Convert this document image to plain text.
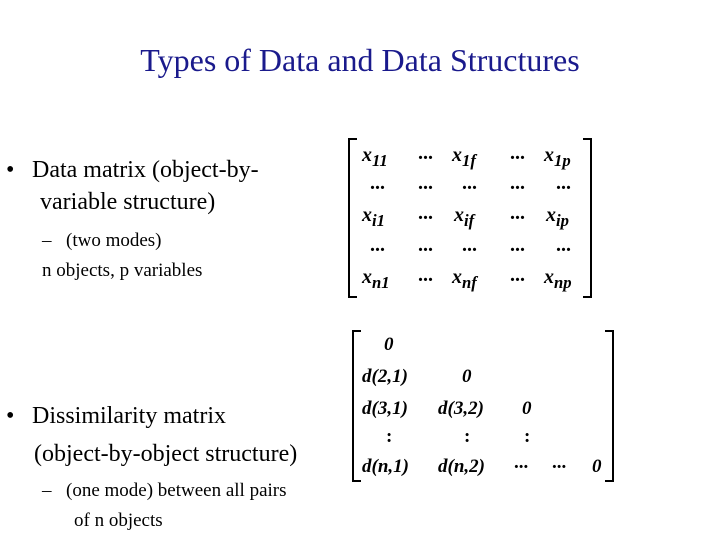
Types of Data and Data Structures
• Data matrix (object-by-
variable structure)
– (two modes)
n objects, p variables
• Dissimilarity matrix
(object-by-object structure)
– (one mode) between all pairs
of n objects
$x_{11}$ ... $x_{1f}$ ... $x_{1p}$
... ... ... ... ...
$x_{i1}$ ... $x_{if}$ ... $x_{ip}$
... ... ... ... ...
$x_{n1}$ ... $x_{nf}$ ... $x_{np}$
0
d(2,1)	0
d(3,1) d(3,2) 0
:	:	:
d(n,1) d(n,2) ... ... 0
